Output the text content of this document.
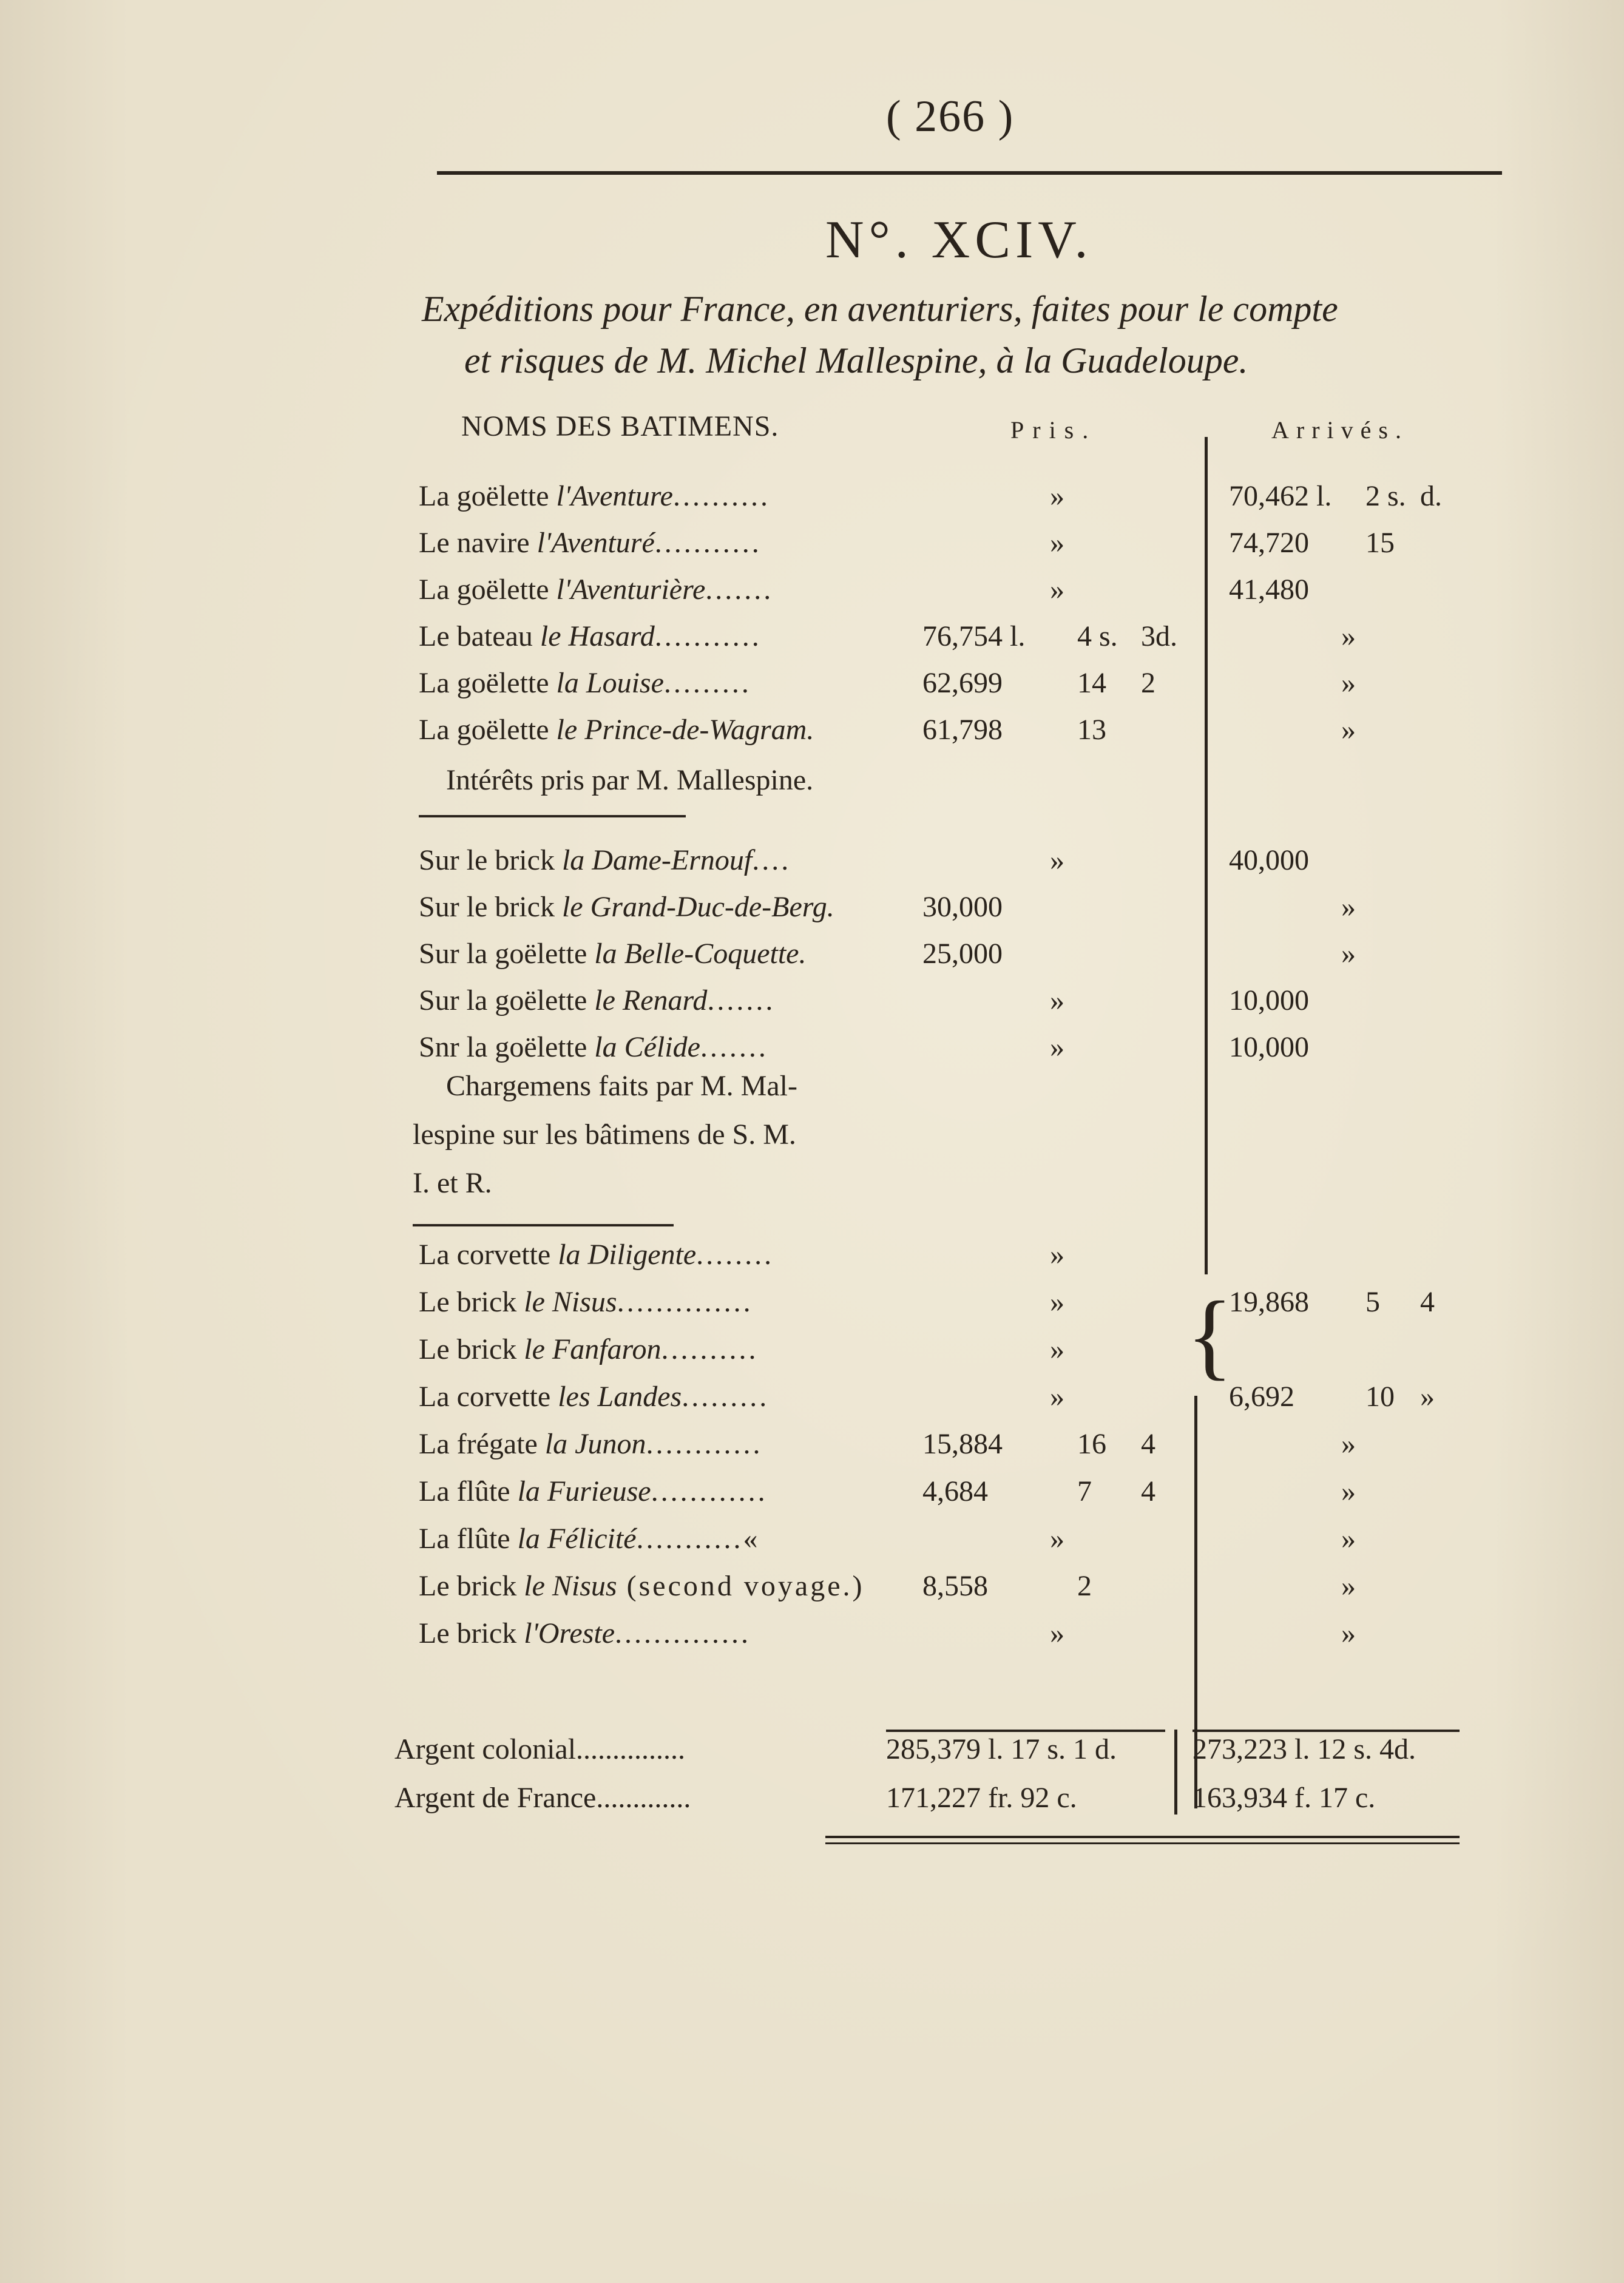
( 266 )
N°. XCIV.
Expéditions pour France, en aventuriers, faites pour le compte
et risques de M. Michel Mallespine, à la Guadeloupe.
NOMS DES BATIMENS.	Pris.	Arrivés.
La goëlette l'Aventure..........	»	70,462 l. 2 s. d.
Le navire l'Aventuré...........	»	74,720 15
La goëlette l'Aventurière.......	»	41,480
Le bateau le Hasard...........	76,754 l. 4 s. 3d.	»
La goëlette la Louise.........	62,699	14 2	»
La goëlette le Prince-de-Wagram.	61,798	13	»
Sur le brick la Dame-Ernouf....	»	40,000
Sur le brick le Grand-Duc-de-Berg.	30,000	»
Sur la goëlette la Belle-Coquette.	25,000	»
Sur la goëlette le Renard.......	»	10,000
Snr la goëlette la Célide.......	»	10,000
La corvette la Diligente........	»
Le brick le Nisus..............	»	19,868 5 4
Le brick le Fanfaron..........	»
La corvette les Landes.........	»	6,692 10 »
La frégate la Junon............	15,884	16 4	»
La flûte la Furieuse............	4,684	7 4	»
La flûte la Félicité...........«	»	»
Le brick le Nisus (second voyage.) 8,558	2	»
Le brick l'Oreste..............	»	»
Intérêts pris par M. Mallespine.
Chargemens faits par M. Mal-
lespine sur les bâtimens de S. M.
I. et R.
{
Argent colonial...............	285,379 l. 17 s. 1 d.	273,223 l. 12 s. 4d.
Argent de France.............	171,227 fr. 92 c.	163,934 f. 17 c.
